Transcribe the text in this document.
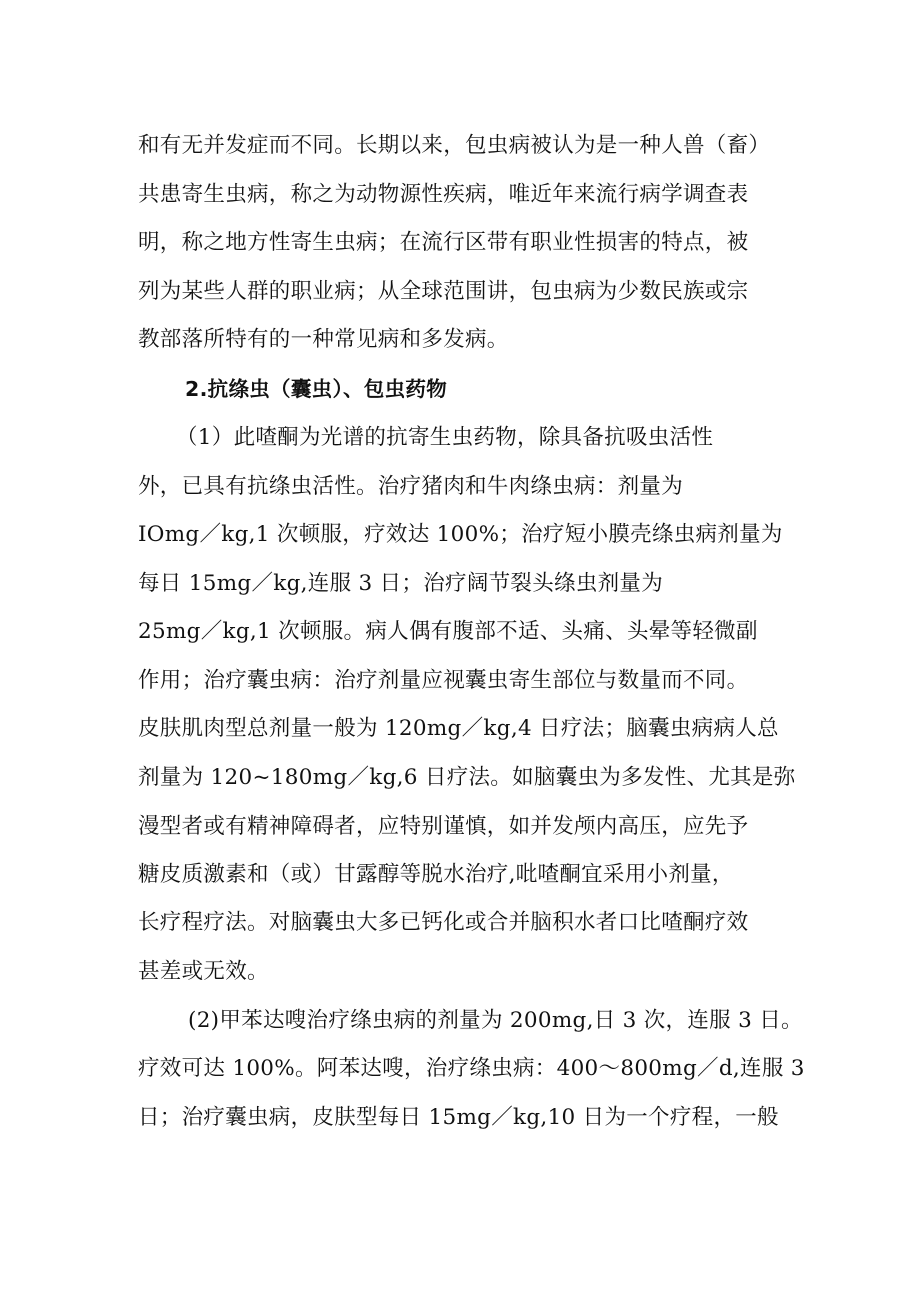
和有无并发症而不同。长期以来，包虫病被认为是一种人兽（畜）
共患寄生虫病，称之为动物源性疾病，唯近年来流行病学调查表
明，称之地方性寄生虫病；在流行区带有职业性损害的特点，被
列为某些人群的职业病；从全球范围讲，包虫病为少数民族或宗
教部落所特有的一种常见病和多发病。
2.抗绦虫（囊虫）、包虫药物
（1）此喳酮为光谱的抗寄生虫药物，除具备抗吸虫活性
外，已具有抗绦虫活性。治疗猪肉和牛肉绦虫病：剂量为
IOmg／kg,1 次顿服，疗效达 100%；治疗短小膜壳绦虫病剂量为
每日 15mg／kg,连服 3 日；治疗阔节裂头绦虫剂量为
25mg／kg,1 次顿服。病人偶有腹部不适、头痛、头晕等轻微副
作用；治疗囊虫病：治疗剂量应视囊虫寄生部位与数量而不同。
皮肤肌肉型总剂量一般为 120mg／kg,4 日疗法；脑囊虫病病人总
剂量为 120~180mg／kg,6 日疗法。如脑囊虫为多发性、尤其是弥
漫型者或有精神障碍者，应特别谨慎，如并发颅内高压，应先予
糖皮质激素和（或）甘露醇等脱水治疗,吡喳酮宜采用小剂量，
长疗程疗法。对脑囊虫大多已钙化或合并脑积水者口比喳酮疗效
甚差或无效。
(2)甲苯达嗖治疗绦虫病的剂量为 200mg,日 3 次，连服 3 日。
疗效可达 100%。阿苯达嗖，治疗绦虫病：400～800mg／d,连服 3
日；治疗囊虫病，皮肤型每日 15mg／kg,10 日为一个疗程，一般
